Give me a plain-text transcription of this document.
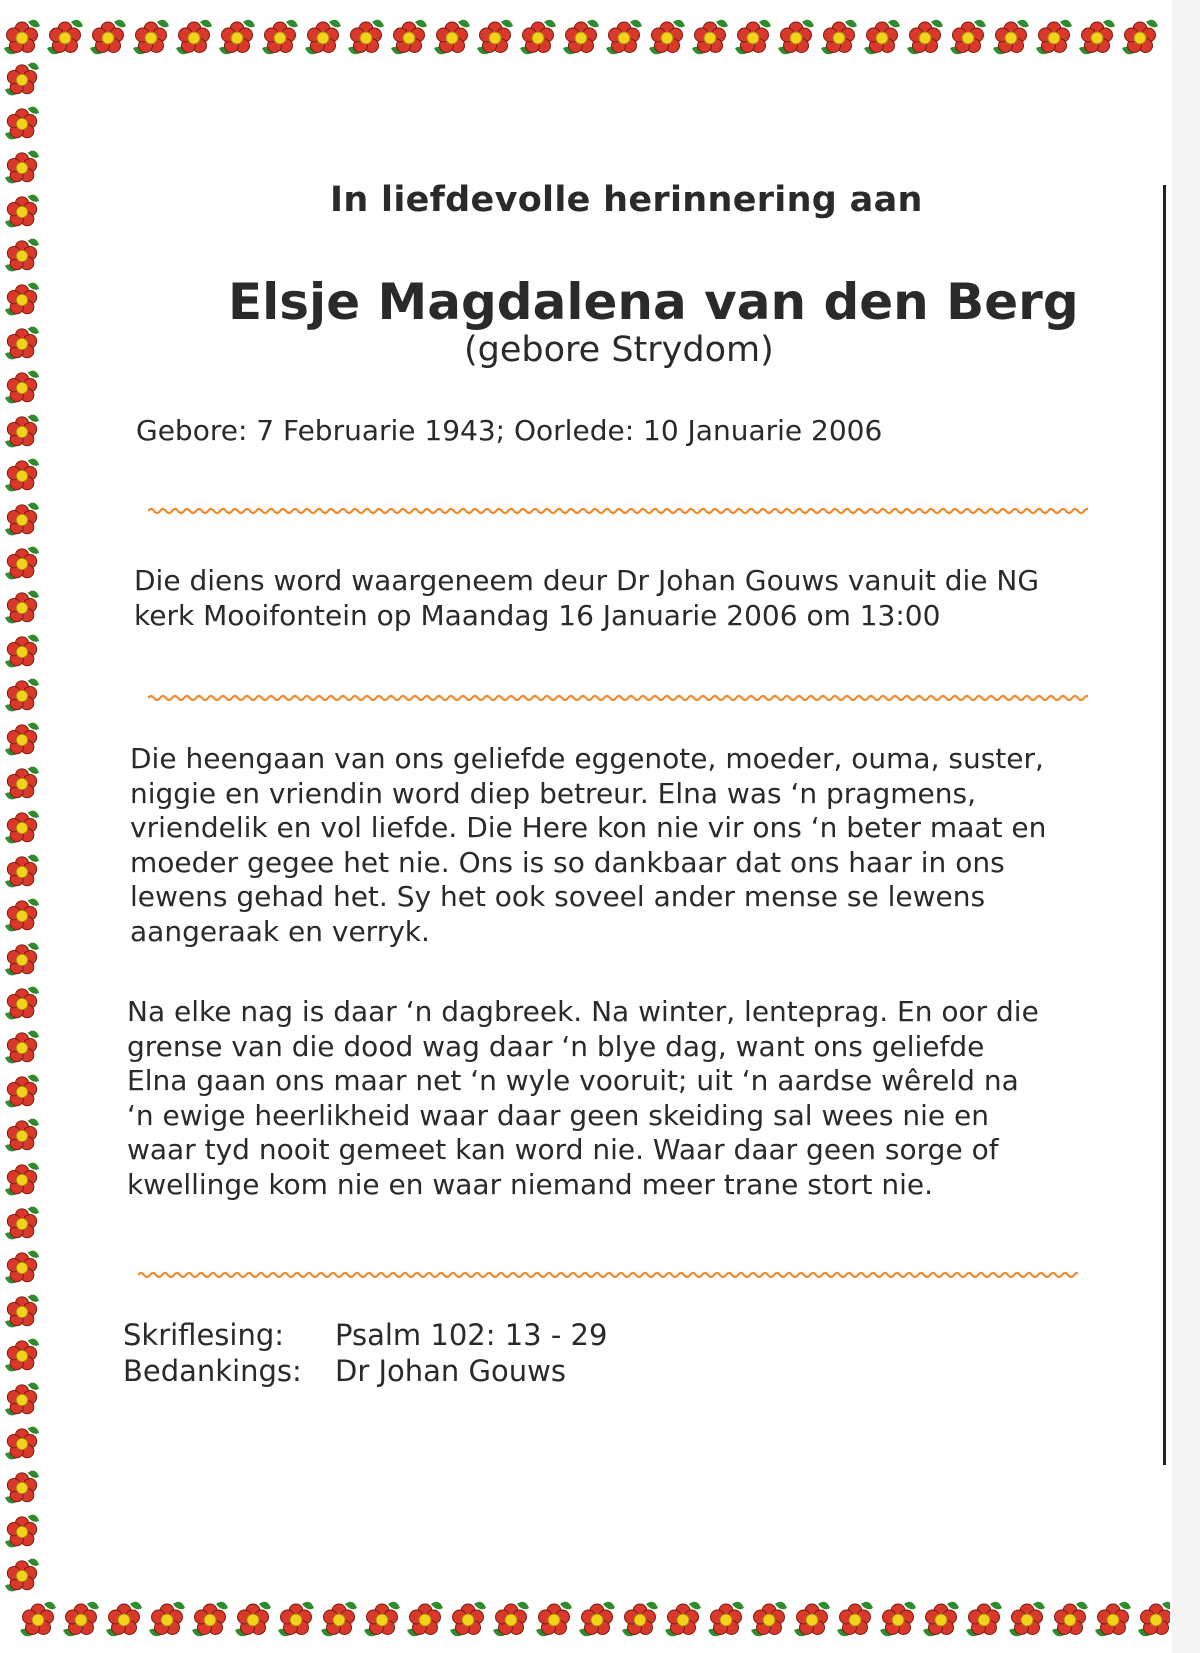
In liefdevolle herinnering aan
Elsje Magdalena van den Berg
(gebore Strydom)
Gebore: 7 Februarie 1943; Oorlede: 10 Januarie 2006
Die diens word waargeneem deur Dr Johan Gouws vanuit die NG
kerk Mooifontein op Maandag 16 Januarie 2006 om 13:00
Die heengaan van ons geliefde eggenote, moeder, ouma, suster,
niggie en vriendin word diep betreur. Elna was ‘n pragmens,
vriendelik en vol liefde. Die Here kon nie vir ons ‘n beter maat en
moeder gegee het nie. Ons is so dankbaar dat ons haar in ons
lewens gehad het. Sy het ook soveel ander mense se lewens
aangeraak en verryk.
Na elke nag is daar ‘n dagbreek. Na winter, lenteprag. En oor die
grense van die dood wag daar ‘n blye dag, want ons geliefde
Elna gaan ons maar net ‘n wyle vooruit; uit ‘n aardse wêreld na
‘n ewige heerlikheid waar daar geen skeiding sal wees nie en
waar tyd nooit gemeet kan word nie. Waar daar geen sorge of
kwellinge kom nie en waar niemand meer trane stort nie.
Skriflesing:	Psalm 102: 13 - 29
Bedankings:	Dr Johan Gouws
